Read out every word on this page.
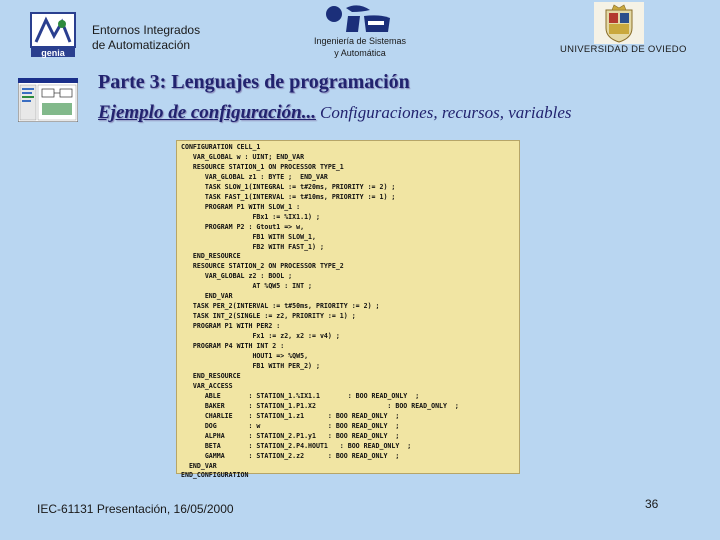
genia
Entornos Integrados
de Automatización	Ingeniería de Sistemas
y Automática	UNIVERSIDAD DE OVIEDO
Parte 3: Lenguajes de programación
Ejemplo de configuración... Configuraciones, recursos, variables
CONFIGURATION CELL_1
VAR_GLOBAL w : UINT; END_VAR
RESOURCE STATION_1 ON PROCESSOR TYPE_1
VAR_GLOBAL z1 : BYTE ;  END_VAR
TASK SLOW_1(INTEGRAL := t#20ms, PRIORITY := 2) ;
TASK FAST_1(INTERVAL := t#10ms, PRIORITY := 1) ;
PROGRAM P1 WITH SLOW_1 :
FBx1 := %IX1.1) ;
PROGRAM P2 : Gtout1 => w,
FB1 WITH SLOW_1,
FB2 WITH FAST_1) ;
END_RESOURCE
RESOURCE STATION_2 ON PROCESSOR TYPE_2
VAR_GLOBAL z2 : BOOL ;
AT %QW5 : INT ;
END_VAR
TASK PER_2(INTERVAL := t#50ms, PRIORITY := 2) ;
TASK INT_2(SINGLE := z2, PRIORITY := 1) ;
PROGRAM P1 WITH PER2 :
Fx1 := z2, x2 := v4) ;
PROGRAM P4 WITH INT 2 :
HOUT1 => %QW5,
FB1 WITH PER_2) ;
END_RESOURCE
VAR_ACCESS
ABLE       : STATION_1.%IX1.1       : BOO READ_ONLY  ;
BAKER      : STATION_1.P1.X2                  : BOO READ_ONLY  ;
CHARLIE    : STATION_1.z1      : BOO READ_ONLY  ;
DOG        : w                 : BOO READ_ONLY  ;
ALPHA      : STATION_2.P1.y1   : BOO READ_ONLY  ;
BETA       : STATION_2.P4.HOUT1   : BOO READ_ONLY  ;
GAMMA      : STATION_2.z2      : BOO READ_ONLY  ;
END_VAR
END_CONFIGURATION
IEC-61131 Presentación, 16/05/2000	36
